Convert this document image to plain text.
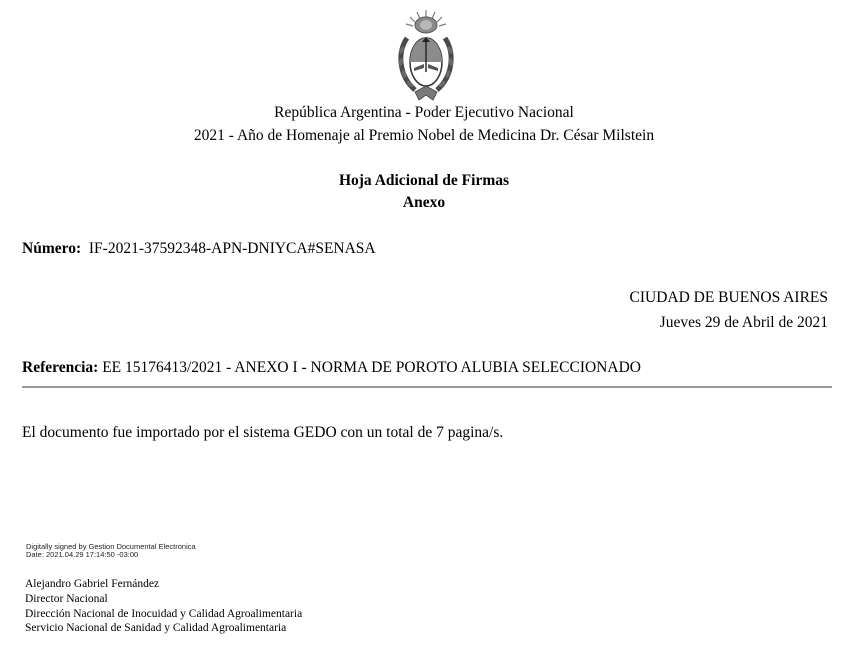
República Argentina - Poder Ejecutivo Nacional
2021 - Año de Homenaje al Premio Nobel de Medicina Dr. César Milstein
Hoja Adicional de Firmas
Anexo
Número: IF-2021-37592348-APN-DNIYCA#SENASA
CIUDAD DE BUENOS AIRES
Jueves 29 de Abril de 2021
Referencia: EE 15176413/2021 - ANEXO I - NORMA DE POROTO ALUBIA SELECCIONADO
El documento fue importado por el sistema GEDO con un total de 7 pagina/s.
Digitally signed by Gestion Documental Electronica
Date: 2021.04.29 17:14:50 -03:00
Alejandro Gabriel Fernández
Director Nacional
Dirección Nacional de Inocuidad y Calidad Agroalimentaria
Servicio Nacional de Sanidad y Calidad Agroalimentaria
